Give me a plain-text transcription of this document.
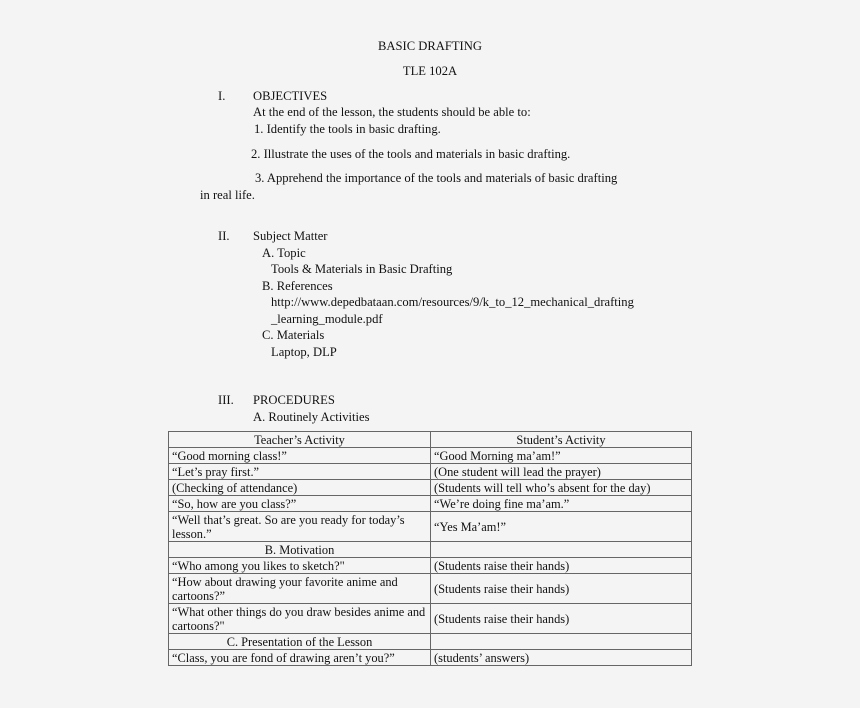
BASIC DRAFTING
TLE 102A
I. OBJECTIVES
At the end of the lesson, the students should be able to:
1. Identify the tools in basic drafting.
2. Illustrate the uses of the tools and materials in basic drafting.
3. Apprehend the importance of the tools and materials of basic drafting
in real life.
II. Subject Matter
A. Topic
Tools & Materials in Basic Drafting
B. References
http://www.depedbataan.com/resources/9/k_to_12_mechanical_drafting
_learning_module.pdf
C. Materials
Laptop, DLP
III. PROCEDURES
A. Routinely Activities
Teacher’s Activity	Student’s Activity
“Good morning class!”	“Good Morning ma’am!”
“Let’s pray first.”	(One student will lead the prayer)
(Checking of attendance)	(Students will tell who’s absent for the day)
“So, how are you class?”	“We’re doing fine ma’am.”
“Well that’s great. So are you ready for today’s lesson.”	“Yes Ma’am!”
B. Motivation	
“Who among you likes to sketch?"	(Students raise their hands)
“How about drawing your favorite anime and cartoons?”	(Students raise their hands)
“What other things do you draw besides anime and cartoons?"	(Students raise their hands)
C. Presentation of the Lesson	
“Class, you are fond of drawing aren’t you?”	(students’ answers)
